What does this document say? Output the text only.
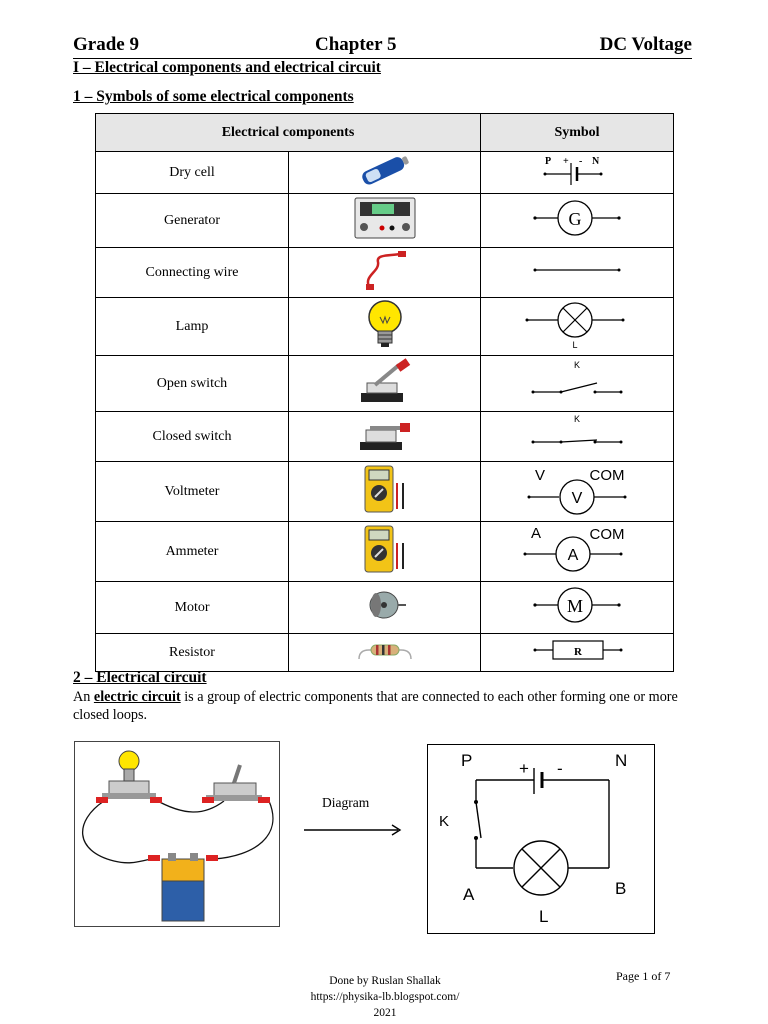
Grade 9	Chapter 5	DC Voltage
I – Electrical components and electrical circuit
1 – Symbols of some electrical components
Electrical components		Symbol
Dry cell		P + - N

Generator		G

Connecting wire		
Lamp		L

Open switch		K

Closed switch		K

Voltmeter		V COM
V

Ammeter		A COM
A

Motor		M

Resistor		R
2 – Electrical circuit
An electric circuit is a group of electric components that are connected to each other forming one or more closed loops.
Diagram
P	N
+ -
K
A	B
L
Done by Ruslan Shallak
https://physika-lb.blogspot.com/
2021
Page 1 of 7
